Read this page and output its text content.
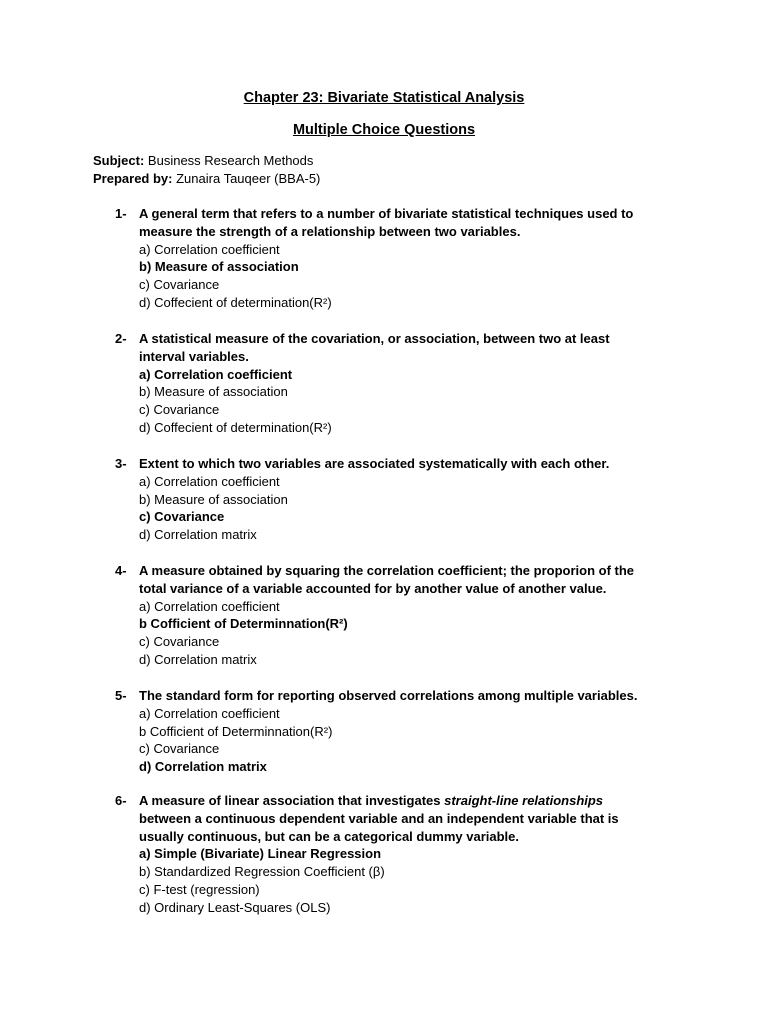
Chapter 23: Bivariate Statistical Analysis
Multiple Choice Questions
Subject: Business Research Methods
Prepared by: Zunaira Tauqeer (BBA-5)
1- A general term that refers to a number of bivariate statistical techniques used to
measure the strength of a relationship between two variables.
a) Correlation coefficient
b) Measure of association
c) Covariance
d) Coffecient of determination(R²)
2- A statistical measure of the covariation, or association, between two at least
interval variables.
a) Correlation coefficient
b) Measure of association
c) Covariance
d) Coffecient of determination(R²)
3- Extent to which two variables are associated systematically with each other.
a) Correlation coefficient
b) Measure of association
c) Covariance
d) Correlation matrix
4- A measure obtained by squaring the correlation coefficient; the proporion of the
total variance of a variable accounted for by another value of another value.
a) Correlation coefficient
b Cofficient of Determinnation(R²)
c) Covariance
d) Correlation matrix
5- The standard form for reporting observed correlations among multiple variables.
a) Correlation coefficient
b Cofficient of Determinnation(R²)
c) Covariance
d) Correlation matrix
6- A measure of linear association that investigates straight-line relationships
between a continuous dependent variable and an independent variable that is
usually continuous, but can be a categorical dummy variable.
a) Simple (Bivariate) Linear Regression
b) Standardized Regression Coefficient (β)
c) F-test (regression)
d) Ordinary Least-Squares (OLS)
